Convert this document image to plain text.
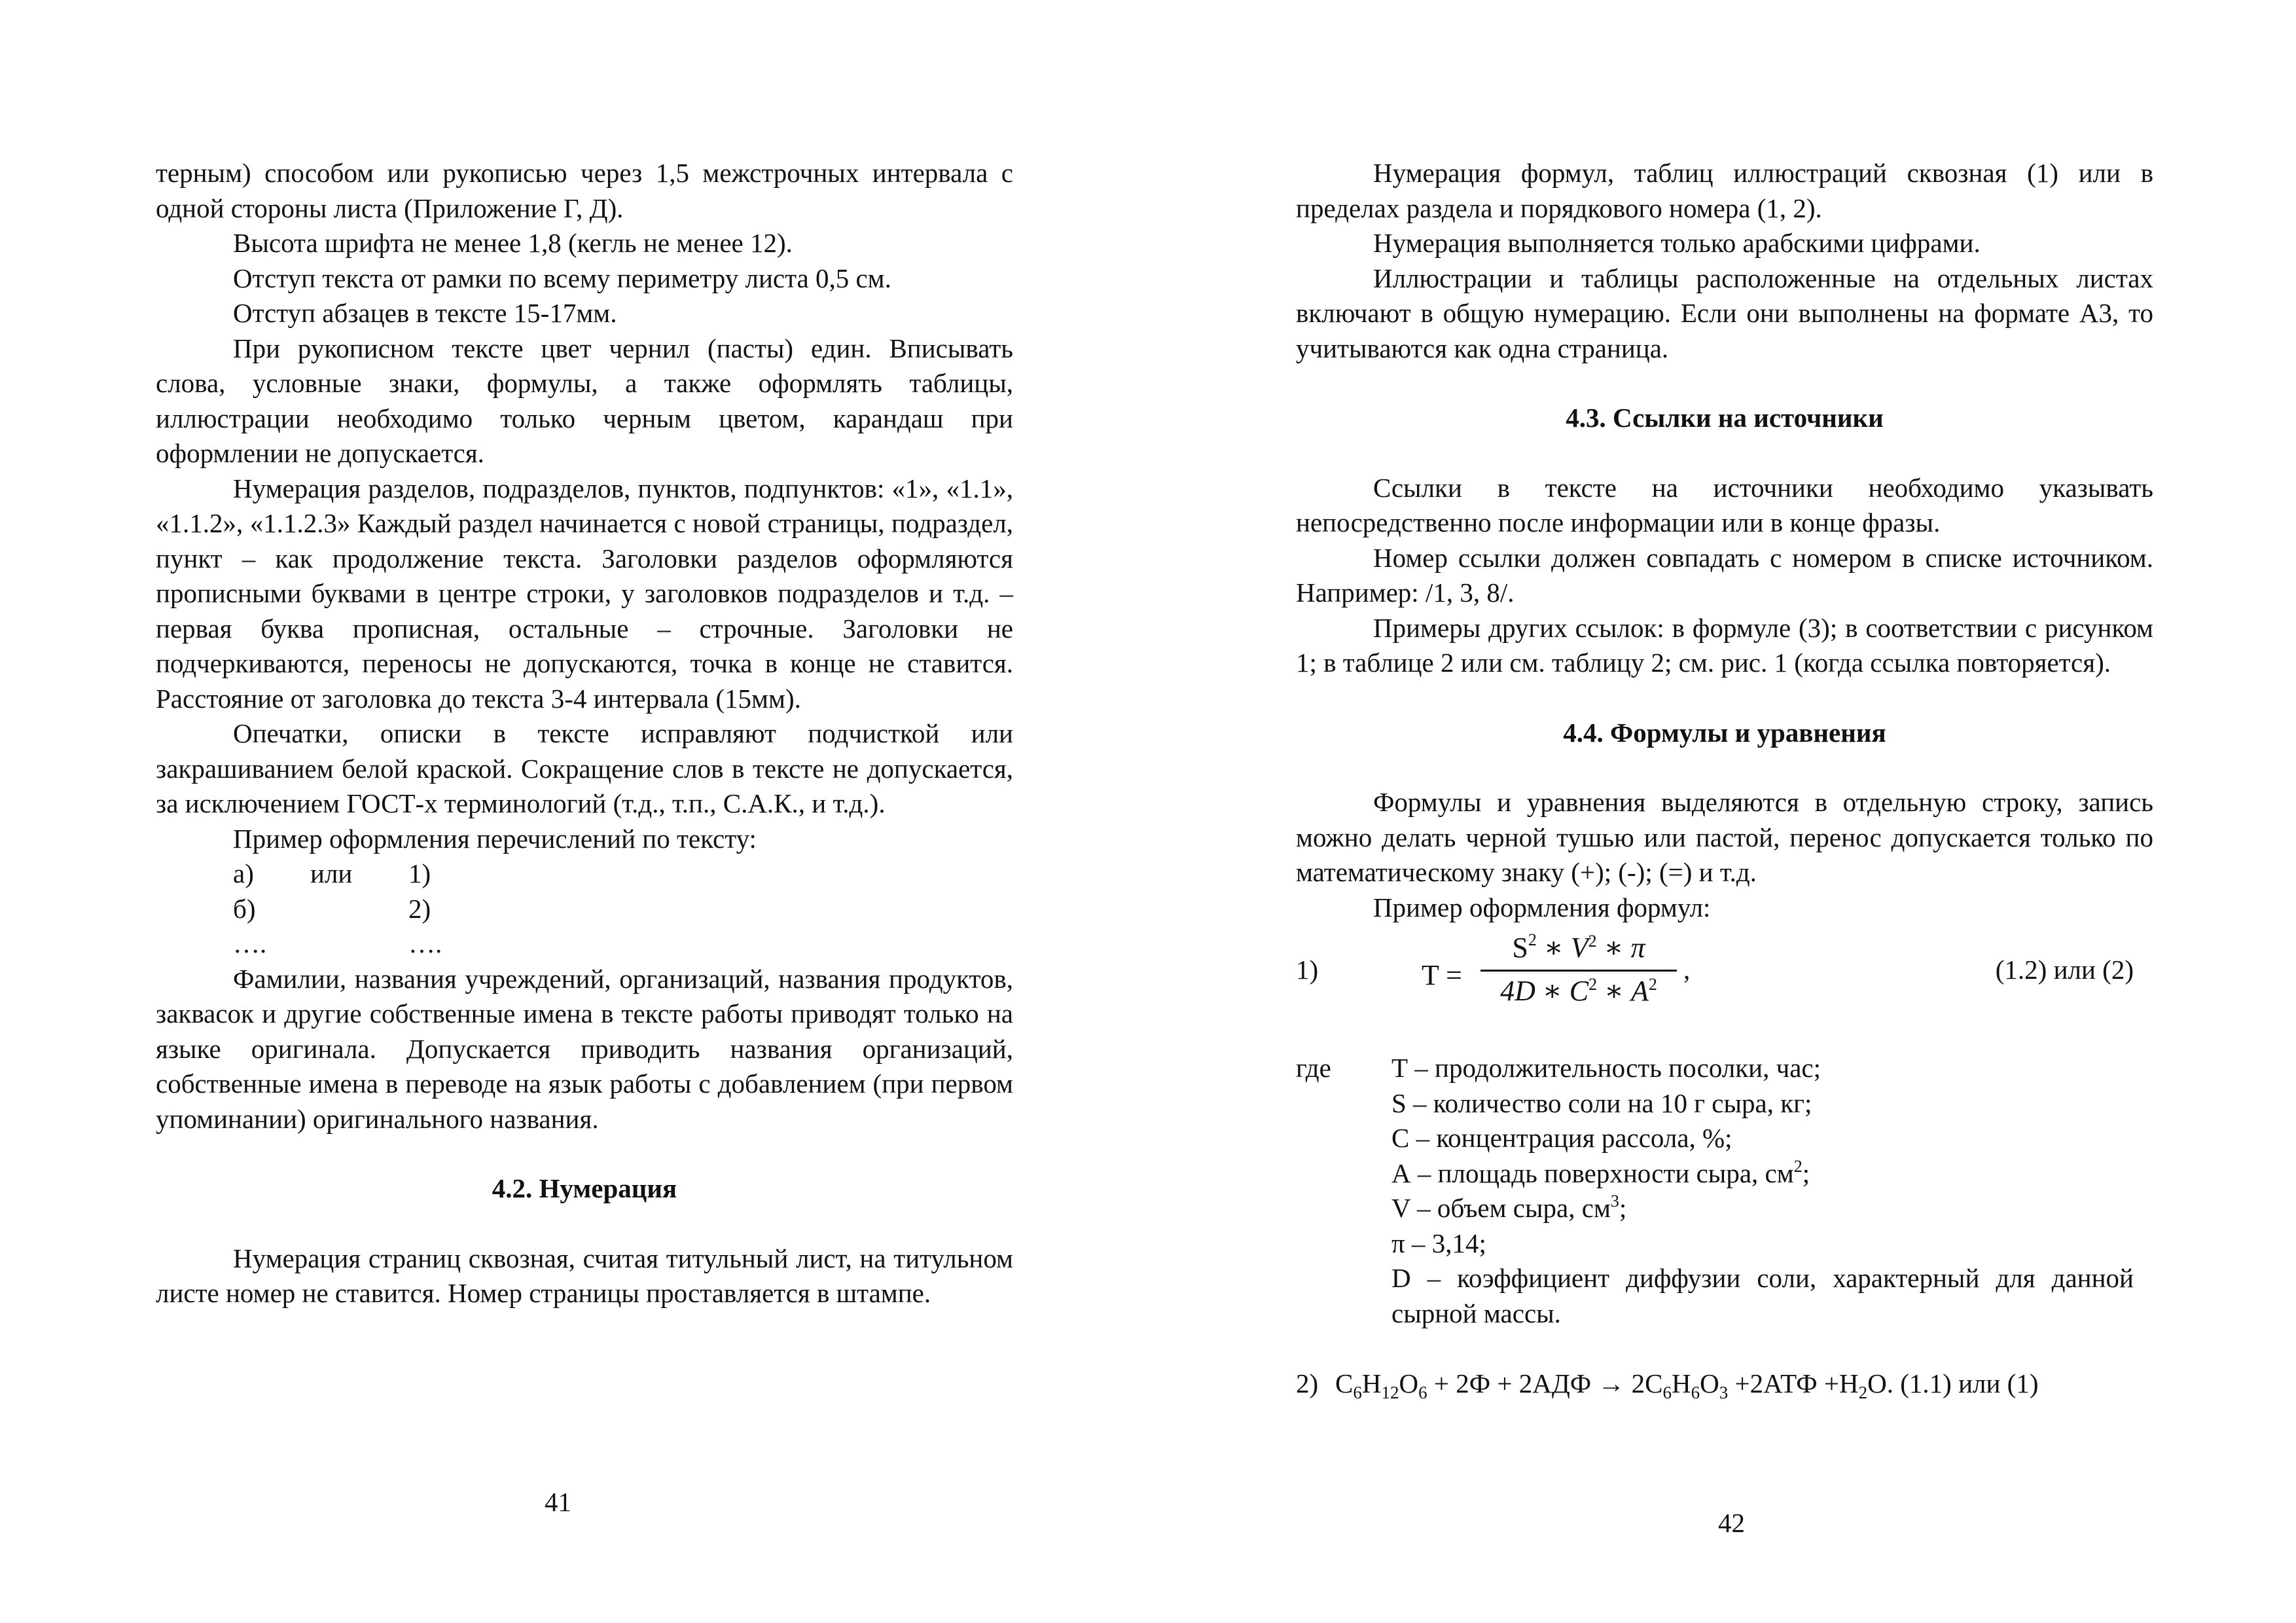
терным) способом или рукописью через 1,5 межстрочных интервала с одной стороны листа (Приложение Г, Д).

Высота шрифта не менее 1,8 (кегль не менее 12).

Отступ текста от рамки по всему периметру листа 0,5 см.

Отступ абзацев в тексте 15-17мм.

При рукописном тексте цвет чернил (пасты) един. Вписывать слова, условные знаки, формулы, а также оформлять таблицы, иллюстрации необходимо только черным цветом, карандаш при оформлении не допускается.

Нумерация разделов, подразделов, пунктов, подпунктов: «1», «1.1», «1.1.2», «1.1.2.3» Каждый раздел начинается с новой страницы, подраздел, пункт – как продолжение текста. Заголовки разделов оформляются прописными буквами в центре строки, у заголовков подразделов и т.д. – первая буква прописная, остальные – строчные. Заголовки не подчеркиваются, переносы не допускаются, точка в конце не ставится. Расстояние от заголовка до текста 3-4 интервала (15мм).

Опечатки, описки в тексте исправляют подчисткой или закрашиванием белой краской. Сокращение слов в тексте не допускается, за исключением ГОСТ-х терминологий (т.д., т.п., С.А.К., и т.д.).

Пример оформления перечислений по тексту:

а)	или	1)
б)	2)
….	….

Фамилии, названия учреждений, организаций, названия продуктов, заквасок и другие собственные имена в тексте работы приводят только на языке оригинала. Допускается приводить названия организаций, собственные имена в переводе на язык работы с добавлением (при первом упоминании) оригинального названия.

4.2. Нумерация

Нумерация страниц сквозная, считая титульный лист, на титульном листе номер не ставится. Номер страницы проставляется в штампе.

41

Нумерация формул, таблиц иллюстраций сквозная (1) или в пределах раздела и порядкового номера (1, 2).

Нумерация выполняется только арабскими цифрами.

Иллюстрации и таблицы расположенные на отдельных листах включают в общую нумерацию. Если они выполнены на формате А3, то учитываются как одна страница.

4.3. Ссылки на источники

Ссылки в тексте на источники необходимо указывать непосредственно после информации или в конце фразы.

Номер ссылки должен совпадать с номером в списке источником. Например: /1, 3, 8/.

Примеры других ссылок: в формуле (3); в соответствии с рисунком 1; в таблице 2 или см. таблицу 2; см. рис. 1 (когда ссылка повторяется).

4.4. Формулы и уравнения

Формулы и уравнения выделяются в отдельную строку, запись можно делать черной тушью или пастой, перенос допускается только по математическому знаку (+); (-); (=) и т.д.

Пример оформления формул:

1)	$T = \frac{S^2 ∗ V^2 ∗ \pi}{4D ∗ C^2 ∗ A^2}$ ,	(1.2) или (2)
где	Т – продолжительность посолки, час;

S – количество соли на 10 г сыра, кг;

С – концентрация рассола, %;

А – площадь поверхности сыра, $см^2$;

V – объем сыра, $см^3$;

π – 3,14;

D – коэффициент диффузии соли, характерный для данной сырной массы.

2) $C_6H_{12}O_6 + 2Ф + 2АДФ \to 2C_6H_6O_3 +2АТФ +H_2O$. (1.1) или (1)
42
